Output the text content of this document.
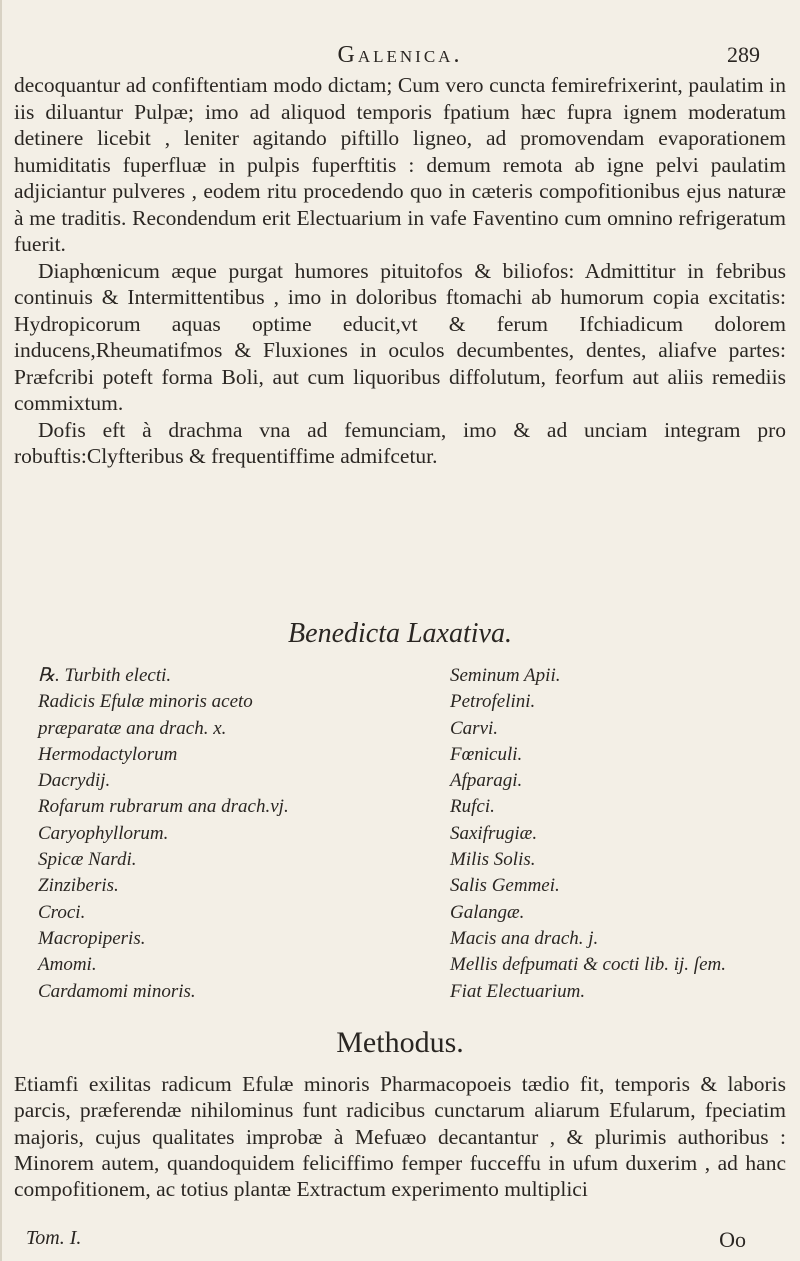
Galenica.	289

decoquantur ad confiftentiam modo dictam; Cum vero cuncta femirefrixerint, paulatim in iis diluantur Pulpæ; imo ad aliquod temporis fpatium hæc fupra ignem moderatum detinere licebit , leniter agitando piftillo ligneo, ad promovendam evaporationem humiditatis fuperfluæ in pulpis fuperftitis : demum remota ab igne pelvi paulatim adjiciantur pulveres , eodem ritu procedendo quo in cæteris compofitionibus ejus naturæ à me traditis. Recondendum erit Electuarium in vafe Faventino cum omnino refrigeratum fuerit.

Diaphœnicum æque purgat humores pituitofos & biliofos: Admittitur in febribus continuis & Intermittentibus , imo in doloribus ftomachi ab humorum copia excitatis: Hydropicorum aquas optime educit,vt & ferum Ifchiadicum dolorem inducens,Rheumatifmos & Fluxiones in oculos decumbentes, dentes, aliafve partes: Præfcribi poteft forma Boli, aut cum liquoribus diffolutum, feorfum aut aliis remediis commixtum.

Dofis eft à drachma vna ad femunciam, imo & ad unciam integram pro robuftis:Clyfteribus & frequentiffime admifcetur.

Benedicta Laxativa.
℞. Turbith electi.
Radicis Efulæ minoris aceto præparatæ ana drach. x.
Hermodactylorum
Dacrydij.
Rofarum rubrarum ana drach.vj.
Caryophyllorum.
Spicæ Nardi.
Zinziberis.
Croci.
Macropiperis.
Amomi.
Cardamomi minoris.
Seminum Apii.
Petrofelini.
Carvi.
Fœniculi.
Afparagi.
Rufci.
Saxifrugiæ.
Milis Solis.
Salis Gemmei.
Galangæ.
Macis ana drach. j.
Mellis defpumati & cocti lib. ij. ſem.
Fiat Electuarium.
Methodus.

Etiamfi exilitas radicum Efulæ minoris Pharmacopoeis tædio fit, temporis & laboris parcis, præferendæ nihilominus funt radicibus cunctarum aliarum Efularum, fpeciatim majoris, cujus qualitates improbæ à Mefuæo decantantur , & plurimis authoribus : Minorem autem, quandoquidem feliciffimo femper fucceffu in ufum duxerim , ad hanc compofitionem, ac totius plantæ Extractum experimento multiplici

Tom. I.	Oo
